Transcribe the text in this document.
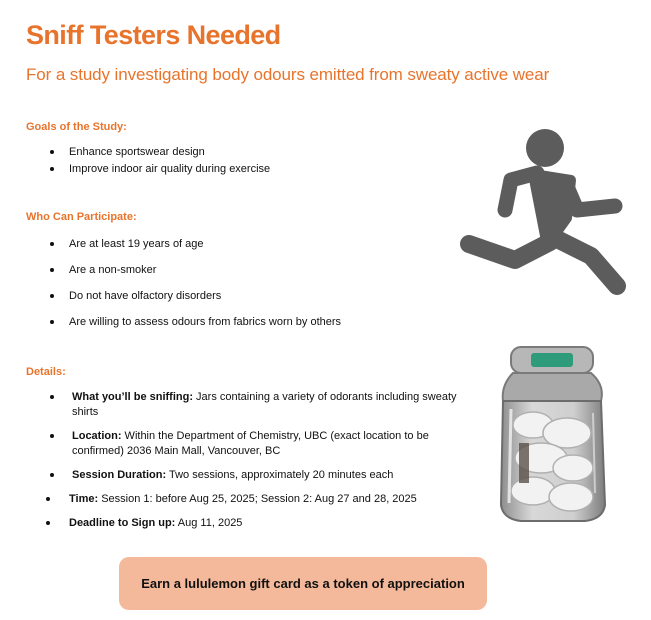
Sniff Testers Needed

For a study investigating body odours emitted from sweaty active wear

Goals of the Study:
Enhance sportswear design
Improve indoor air quality during exercise
Who Can Participate:
Are at least 19 years of age
Are a non-smoker
Do not have olfactory disorders
Are willing to assess odours from fabrics worn by others
Details:
What you’ll be sniffing: Jars containing a variety of odorants including sweaty shirts
Location: Within the Department of Chemistry, UBC (exact location to be confirmed) 2036 Main Mall, Vancouver, BC
Session Duration: Two sessions, approximately 20 minutes each
Time: Session 1: before Aug 25, 2025; Session 2: Aug 27 and 28, 2025
Deadline to Sign up: Aug 11, 2025
Earn a lululemon gift card as a token of appreciation
